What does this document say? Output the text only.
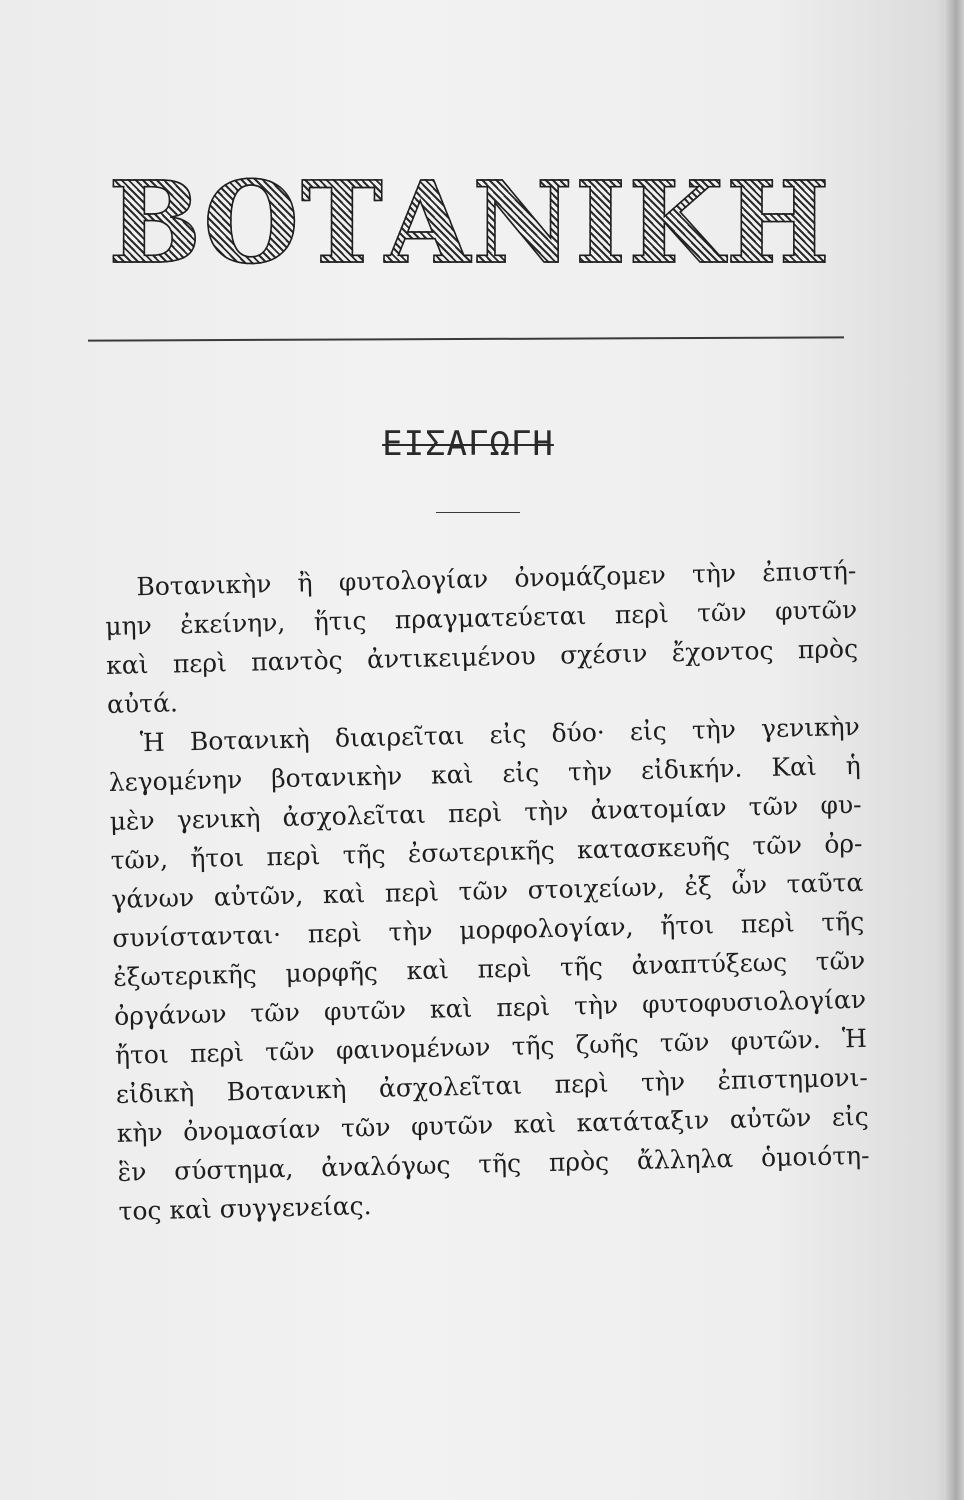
ΒΟΤΑΝΙΚΗ
ΕΙΣΑΓΩΓΗ
Βοτανικὴν ἢ φυτολογίαν ὀνομάζομεν τὴν ἐπιστή-
μην ἐκείνην, ἥτις πραγματεύεται περὶ τῶν φυτῶν
καὶ περὶ παντὸς ἀντικειμένου σχέσιν ἔχοντος πρὸς
αὐτά.
Ἡ Βοτανικὴ διαιρεῖται εἰς δύο· εἰς τὴν γενικὴν
λεγομένην βοτανικὴν καὶ εἰς τὴν εἰδικήν. Καὶ ἡ
μὲν γενικὴ ἀσχολεῖται περὶ τὴν ἀνατομίαν τῶν φυ-
τῶν, ἤτοι περὶ τῆς ἐσωτερικῆς κατασκευῆς τῶν ὀρ-
γάνων αὐτῶν, καὶ περὶ τῶν στοιχείων, ἐξ ὧν ταῦτα
συνίστανται· περὶ τὴν μορφολογίαν, ἤτοι περὶ τῆς
ἐξωτερικῆς μορφῆς καὶ περὶ τῆς ἀναπτύξεως τῶν
ὀργάνων τῶν φυτῶν καὶ περὶ τὴν φυτοφυσιολογίαν
ἤτοι περὶ τῶν φαινομένων τῆς ζωῆς τῶν φυτῶν. Ἡ
εἰδικὴ Βοτανικὴ ἀσχολεῖται περὶ τὴν ἐπιστημονι-
κὴν ὀνομασίαν τῶν φυτῶν καὶ κατάταξιν αὐτῶν εἰς
ἓν σύστημα, ἀναλόγως τῆς πρὸς ἄλληλα ὁμοιότη-
τος καὶ συγγενείας.
